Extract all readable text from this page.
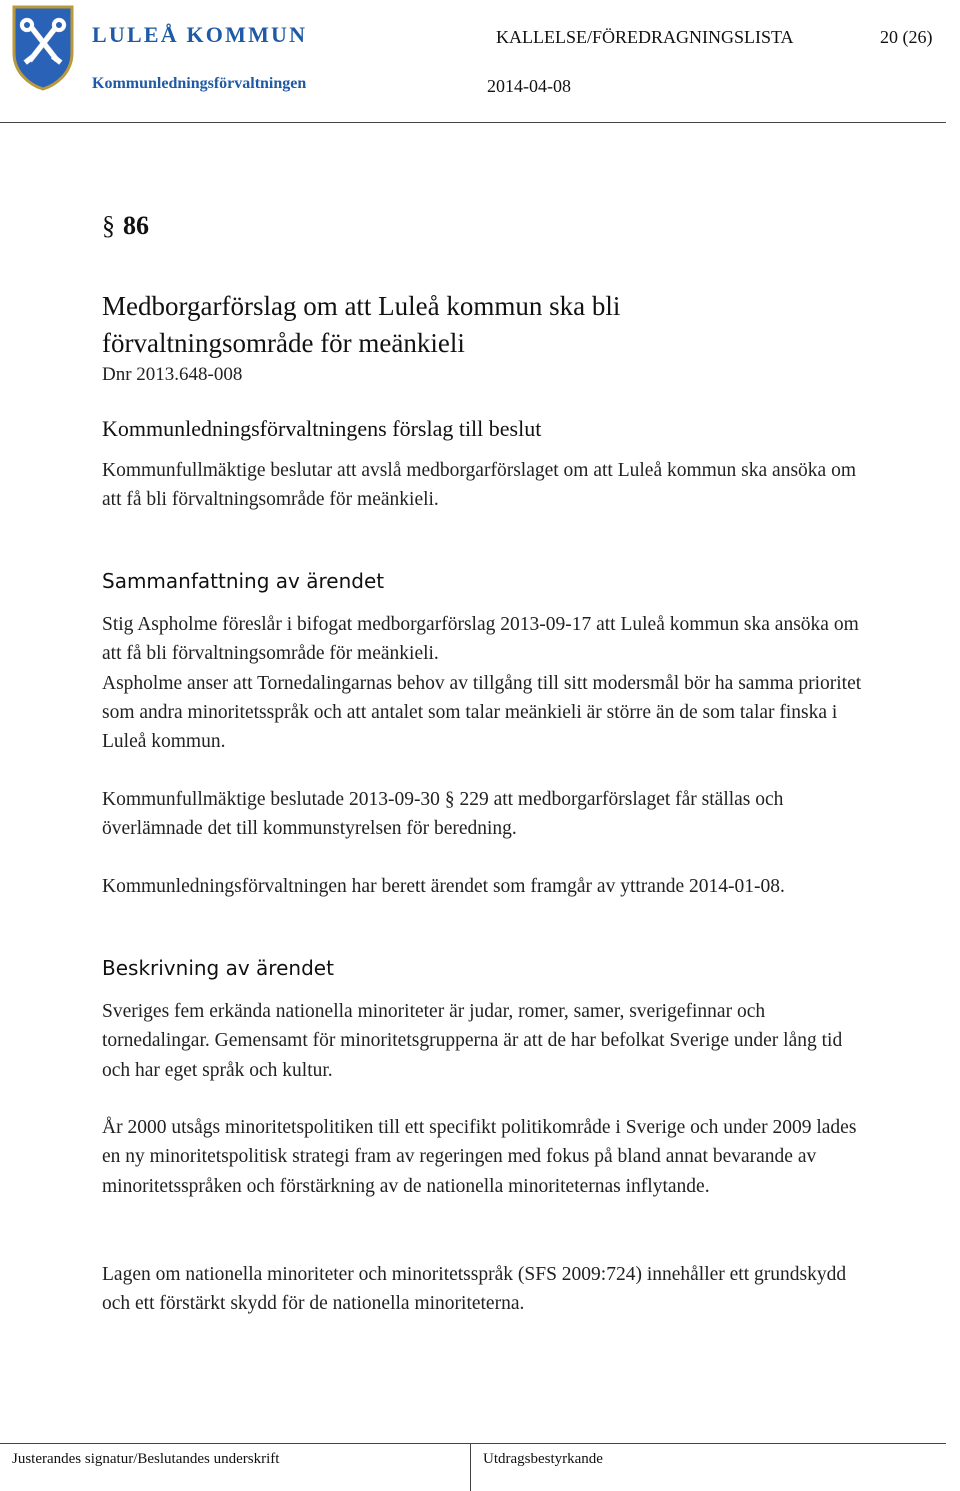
LULEÅ KOMMUN
Kommunledningsförvaltningen
KALLELSE/FÖREDRAGNINGSLISTA	20 (26)
2014-04-08
§ 86
Medborgarförslag om att Luleå kommun ska bli förvaltningsområde för meänkieli
Dnr 2013.648-008
Kommunledningsförvaltningens förslag till beslut
Kommunfullmäktige beslutar att avslå medborgarförslaget om att Luleå kommun ska ansöka om att få bli förvaltningsområde för meänkieli.
Sammanfattning av ärendet

Stig Aspholme föreslår i bifogat medborgarförslag 2013-09-17 att Luleå kommun ska ansöka om att få bli förvaltningsområde för meänkieli.

Aspholme anser att Tornedalingarnas behov av tillgång till sitt modersmål bör ha samma prioritet som andra minoritetsspråk och att antalet som talar meänkieli är större än de som talar finska i Luleå kommun.

Kommunfullmäktige beslutade 2013-09-30 § 229 att medborgarförslaget får ställas och överlämnade det till kommunstyrelsen för beredning.
Kommunledningsförvaltningen har berett ärendet som framgår av yttrande 2014-01-08.
Beskrivning av ärendet
Sveriges fem erkända nationella minoriteter är judar, romer, samer, sverigefinnar och tornedalingar. Gemensamt för minoritetsgrupperna är att de har befolkat Sverige under lång tid och har eget språk och kultur.
År 2000 utsågs minoritetspolitiken till ett specifikt politikområde i Sverige och under 2009 lades en ny minoritetspolitisk strategi fram av regeringen med fokus på bland annat bevarande av minoritetsspråken och förstärkning av de nationella minoriteternas inflytande.
Lagen om nationella minoriteter och minoritetsspråk (SFS 2009:724) innehåller ett grundskydd och ett förstärkt skydd för de nationella minoriteterna.
Justerandes signatur/Beslutandes underskrift	Utdragsbestyrkande
